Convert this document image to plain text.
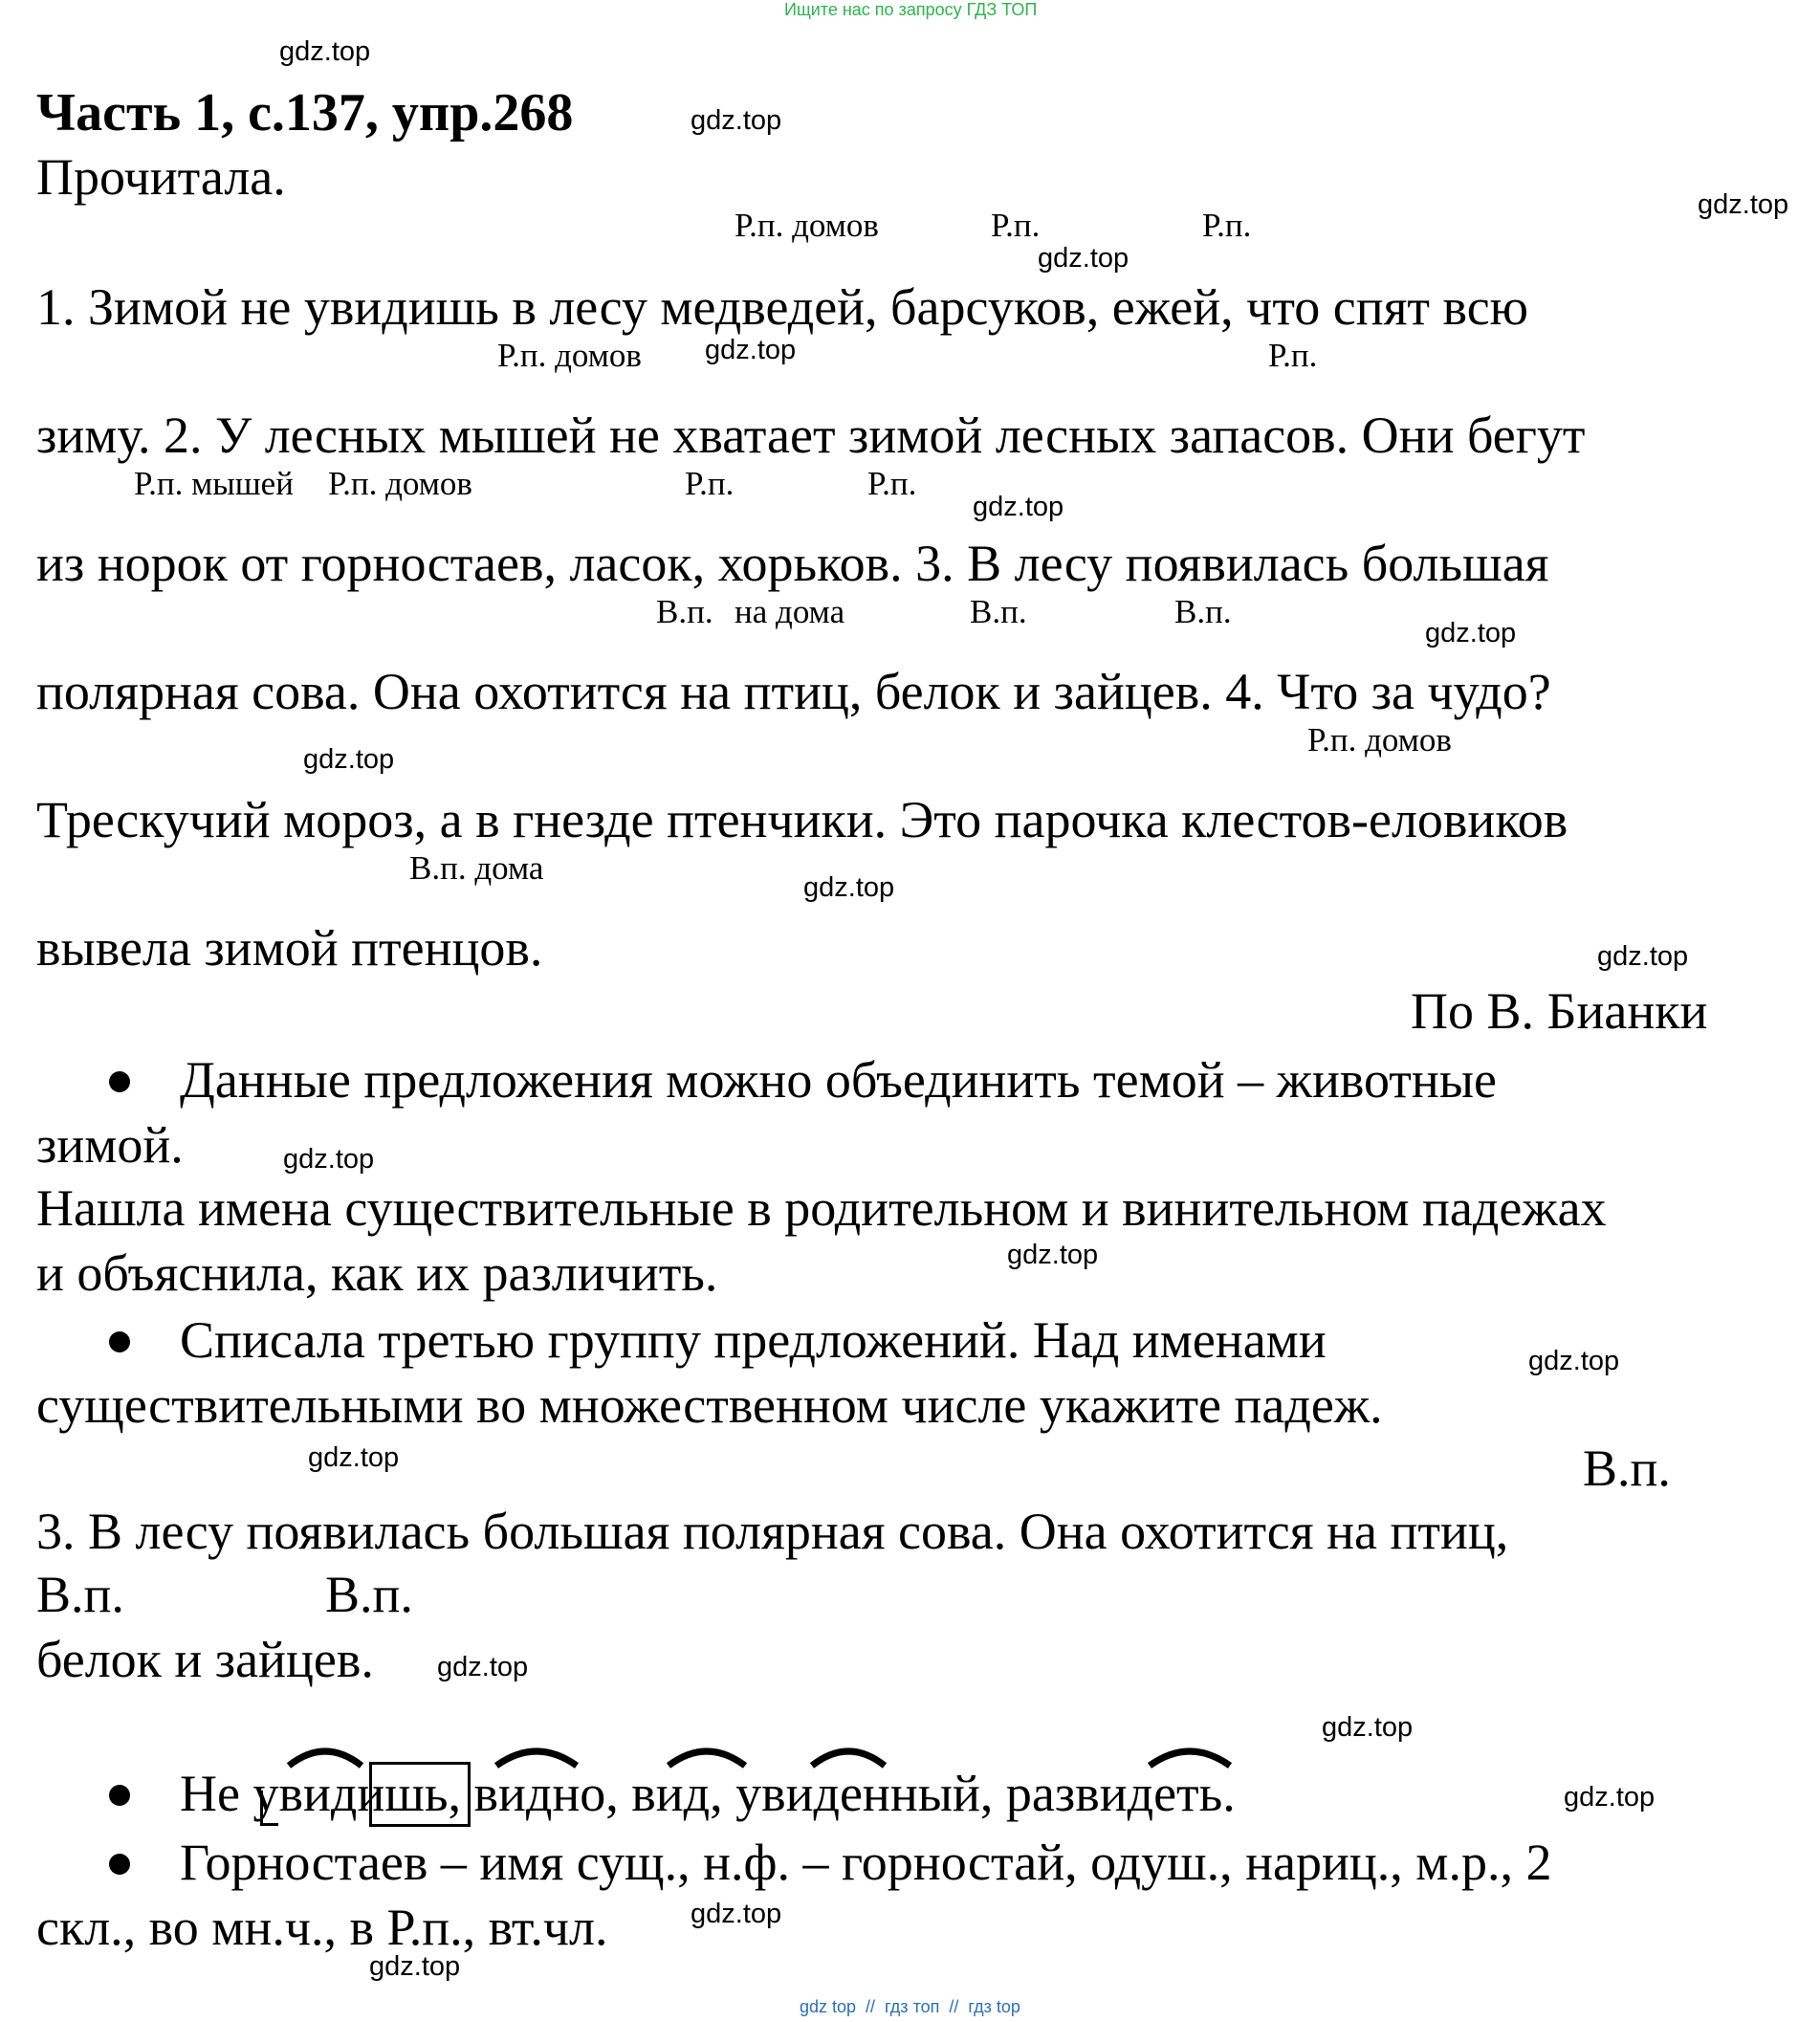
Ищите нас по запросу ГДЗ ТОП
Часть 1, с.137, упр.268
Прочитала.
gdz.top
gdz.top
gdz.top
gdz.top
gdz.top
gdz.top
gdz.top
gdz.top
gdz.top
gdz.top
gdz.top
gdz.top
gdz.top
gdz.top
gdz.top
gdz.top
gdz.top
gdz.top
gdz.top
Р.п. домов	Р.п.	Р.п.
1. Зимой не увидишь в лесу медведей, барсуков, ежей, что спят всю
Р.п. домов	Р.п.
зиму. 2. У лесных мышей не хватает зимой лесных запасов. Они бегут
Р.п. мышей Р.п. домов	Р.п.	Р.п.
из норок от горностаев, ласок, хорьков. 3. В лесу появилась большая
В.п. на дома	В.п.	В.п.
полярная сова. Она охотится на птиц, белок и зайцев. 4. Что за чудо?
Р.п. домов
Трескучий мороз, а в гнезде птенчики. Это парочка клестов-еловиков
В.п. дома
вывела зимой птенцов.
По В. Бианки
Данные предложения можно объединить темой – животные
зимой.
Нашла имена существительные в родительном и винительном падежах
и объяснила, как их различить.
Списала третью группу предложений. Над именами
существительными во множественном числе укажите падеж.
В.п.
3. В лесу появилась большая полярная сова. Она охотится на птиц,
В.п.	В.п.
белок и зайцев.
Не увидишь, видно, вид, увиденный, развидеть.
Горностаев – имя сущ., н.ф. – горностай, одуш., нариц., м.р., 2
скл., во мн.ч., в Р.п., вт.чл.
gdz top  //  гдз топ  //  гдз top
